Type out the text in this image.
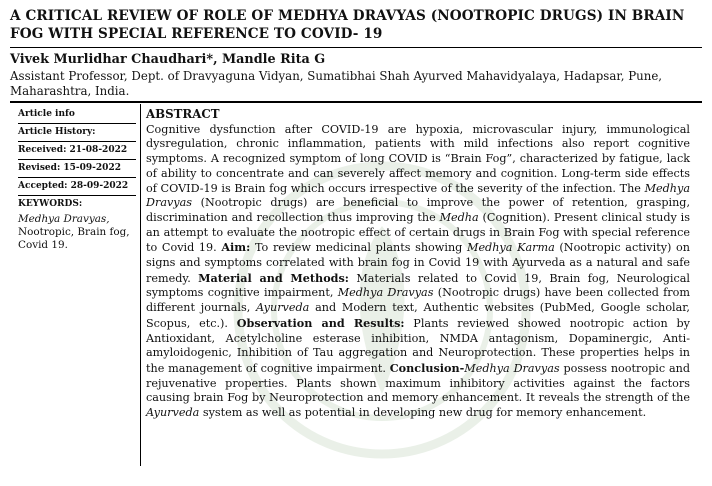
A CRITICAL REVIEW OF ROLE OF MEDHYA DRAVYAS (NOOTROPIC DRUGS) IN BRAIN FOG WITH SPECIAL REFERENCE TO COVID- 19
Vivek Murlidhar Chaudhari*, Mandle Rita G
Assistant Professor, Dept. of Dravyaguna Vidyan, Sumatibhai Shah Ayurved Mahavidyalaya, Hadapsar, Pune, Maharashtra, India.
Article info
Article History:
Received: 21-08-2022
Revised: 15-09-2022
Accepted: 28-09-2022
KEYWORDS:
Medhya Dravyas, Nootropic, Brain fog, Covid 19.
ABSTRACT

Cognitive dysfunction after COVID-19 are hypoxia, microvascular injury, immunological dysregulation, chronic inflammation, patients with mild infections also report cognitive symptoms. A recognized symptom of long COVID is “Brain Fog”, characterized by fatigue, lack of ability to concentrate and can severely affect memory and cognition. Long-term side effects of COVID-19 is Brain fog which occurs irrespective of the severity of the infection. The Medhya Dravyas (Nootropic drugs) are beneficial to improve the power of retention, grasping, discrimination and recollection thus improving the Medha (Cognition). Present clinical study is an attempt to evaluate the nootropic effect of certain drugs in Brain Fog with special reference to Covid 19. Aim: To review medicinal plants showing Medhya Karma (Nootropic activity) on signs and symptoms correlated with brain fog in Covid 19 with Ayurveda as a natural and safe remedy. Material and Methods: Materials related to Covid 19, Brain fog, Neurological symptoms cognitive impairment, Medhya Dravyas (Nootropic drugs) have been collected from different journals, Ayurveda and Modern text, Authentic websites (PubMed, Google scholar, Scopus, etc.). Observation and Results: Plants reviewed showed nootropic action by Antioxidant, Acetylcholine esterase inhibition, NMDA antagonism, Dopaminergic, Anti-amyloidogenic, Inhibition of Tau aggregation and Neuroprotection. These properties helps in the management of cognitive impairment. Conclusion-Medhya Dravyas possess nootropic and rejuvenative properties. Plants shown maximum inhibitory activities against the factors causing brain Fog by Neuroprotection and memory enhancement. It reveals the strength of the Ayurveda system as well as potential in developing new drug for memory enhancement.
